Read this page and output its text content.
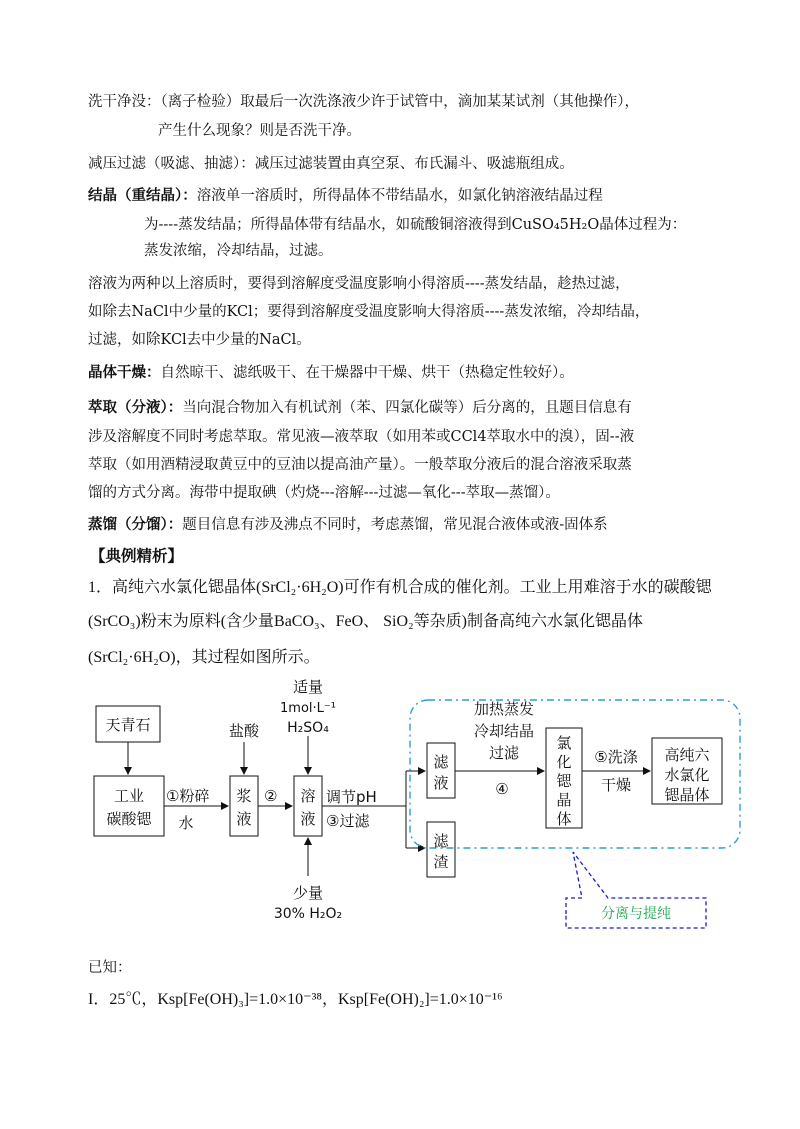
洗干净没：（离子检验）取最后一次洗涤液少许于试管中，滴加某某试剂（其他操作），
产生什么现象？则是否洗干净。
减压过滤（吸滤、抽滤）：减压过滤装置由真空泵、布氏漏斗、吸滤瓶组成。
结晶（重结晶）：溶液单一溶质时，所得晶体不带结晶水，如氯化钠溶液结晶过程
为----蒸发结晶；所得晶体带有结晶水，如硫酸铜溶液得到CuSO₄5H₂O晶体过程为：
蒸发浓缩，冷却结晶，过滤。
溶液为两种以上溶质时，要得到溶解度受温度影响小得溶质----蒸发结晶，趁热过滤，
如除去NaCl中少量的KCl；要得到溶解度受温度影响大得溶质----蒸发浓缩，冷却结晶，
过滤，如除KCl去中少量的NaCl。
晶体干燥：自然晾干、滤纸吸干、在干燥器中干燥、烘干（热稳定性较好）。
萃取（分液）：当向混合物加入有机试剂（苯、四氯化碳等）后分离的，且题目信息有
涉及溶解度不同时考虑萃取。常见液—液萃取（如用苯或CCl4萃取水中的溴），固--液
萃取（如用酒精浸取黄豆中的豆油以提高油产量）。一般萃取分液后的混合溶液采取蒸
馏的方式分离。海带中提取碘（灼烧---溶解---过滤—氧化---萃取—蒸馏）。
蒸馏（分馏）：题目信息有涉及沸点不同时，考虑蒸馏，常见混合液体或液-固体系
【典例精析】
1．高纯六水氯化锶晶体(SrCl₂·6H₂O)可作有机合成的催化剂。工业上用难溶于水的碳酸锶
(SrCO₃)粉末为原料(含少量BaCO₃、FeO、 SiO₂等杂质)制备高纯六水氯化锶晶体
(SrCl₂·6H₂O)，其过程如图所示。
天青石
工业
碳酸锶
①粉碎
水
盐酸
②
浆
液
溶
液
适量
1mol·L⁻¹
H₂SO₄
少量
30% H₂O₂
调节pH
③过滤
滤
液
滤
渣
加热蒸发
冷却结晶
过滤
④
氯
化
锶
晶
体
⑤洗涤
干燥
高纯六
水氯化
锶晶体
分离与提纯
已知：
I．25℃，Ksp[Fe(OH)₃]=1.0×10⁻³⁸，Ksp[Fe(OH)₂]=1.0×10⁻¹⁶
